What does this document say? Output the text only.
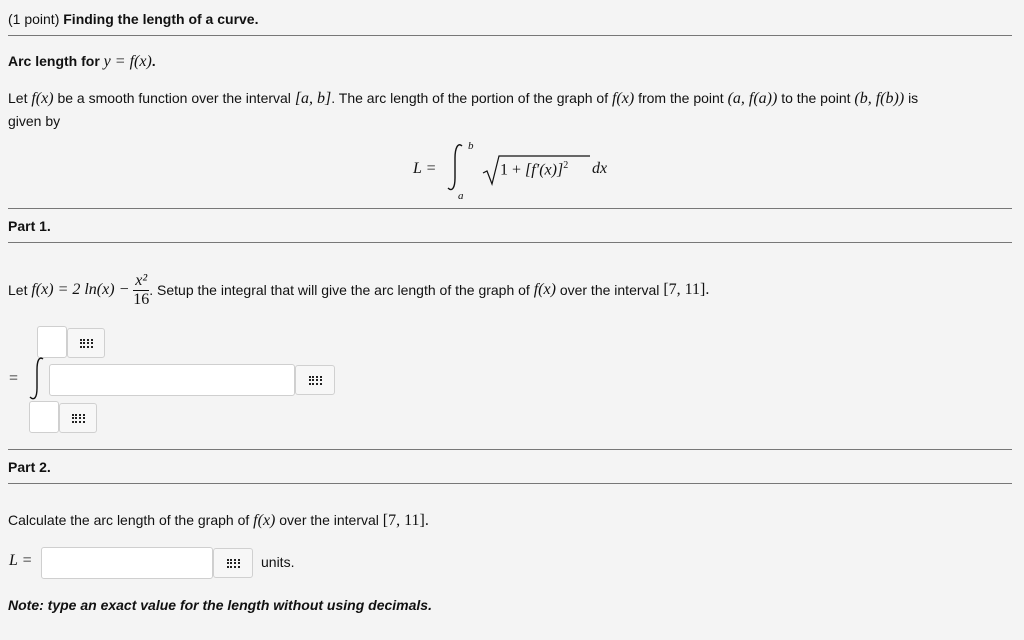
(1 point) Finding the length of a curve.
Arc length for y = f(x).
Let f(x) be a smooth function over the interval [a, b]. The arc length of the portion of the graph of f(x) from the point (a, f(a)) to the point (b, f(b)) is
given by
L =
b
a
$1 + [f'(x)]^2$ dx
Part 1.
Let
f(x) = 2 ln(x) −
$\frac{\text{x²}}{16}$ . Setup the integral that will give the arc length of the graph of
f(x)
over the interval
[7, 11] .
=
Part 2.
Calculate the arc length of the graph of f(x) over the interval [7, 11].
L =	units.
Note: type an exact value for the length without using decimals.
